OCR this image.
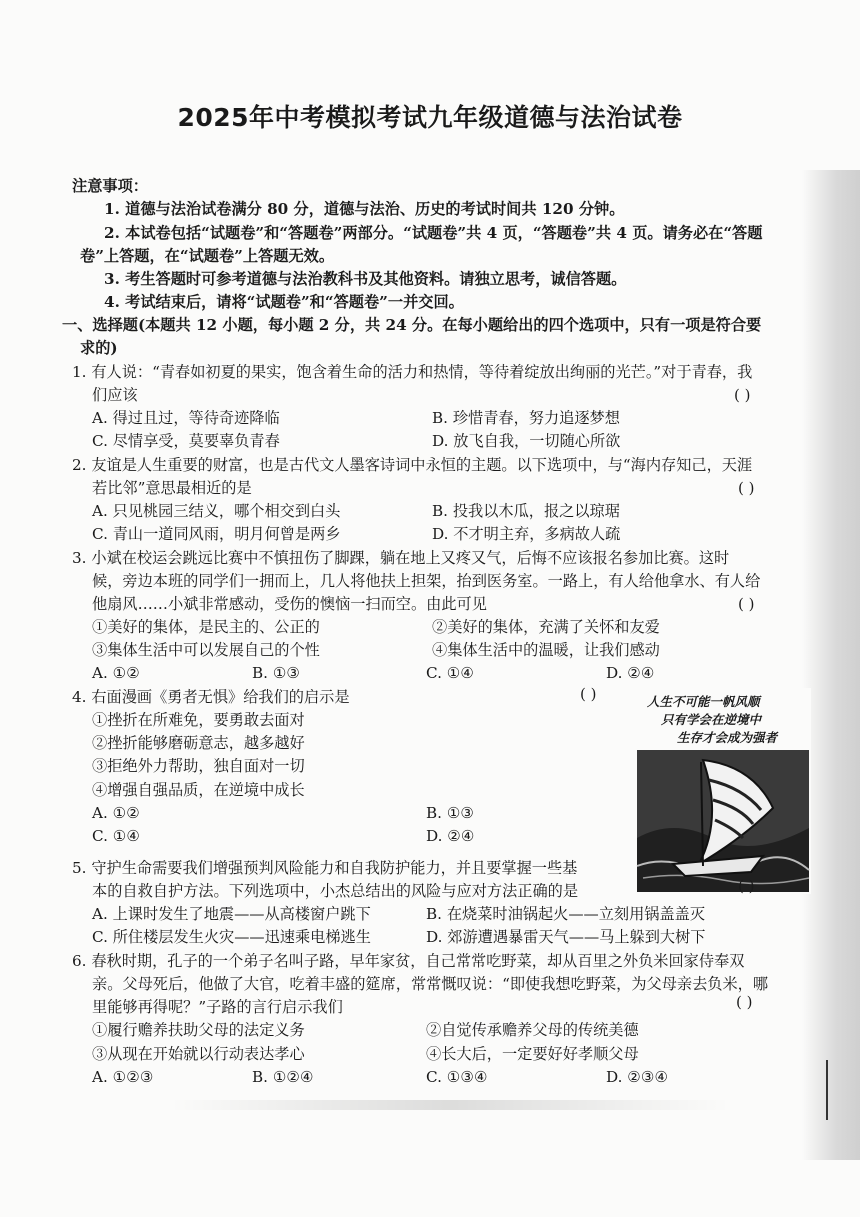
2025年中考模拟考试九年级道德与法治试卷
注意事项：
1. 道德与法治试卷满分 80 分，道德与法治、历史的考试时间共 120 分钟。
2. 本试卷包括“试题卷”和“答题卷”两部分。“试题卷”共 4 页，“答题卷”共 4 页。请务必在“答题
卷”上答题，在“试题卷”上答题无效。
3. 考生答题时可参考道德与法治教科书及其他资料。请独立思考，诚信答题。
4. 考试结束后，请将“试题卷”和“答题卷”一并交回。
一、选择题(本题共 12 小题，每小题 2 分，共 24 分。在每小题给出的四个选项中，只有一项是符合要
求的)
1. 有人说：“青春如初夏的果实，饱含着生命的活力和热情，等待着绽放出绚丽的光芒。”对于青春，我
们应该	( )
A. 得过且过，等待奇迹降临	B. 珍惜青春，努力追逐梦想
C. 尽情享受，莫要辜负青春	D. 放飞自我，一切随心所欲
2. 友谊是人生重要的财富，也是古代文人墨客诗词中永恒的主题。以下选项中，与“海内存知己，天涯
若比邻”意思最相近的是	( )
A. 只见桃园三结义，哪个相交到白头	B. 投我以木瓜，报之以琼琚
C. 青山一道同风雨，明月何曾是两乡	D. 不才明主弃，多病故人疏
3. 小斌在校运会跳远比赛中不慎扭伤了脚踝，躺在地上又疼又气，后悔不应该报名参加比赛。这时
候，旁边本班的同学们一拥而上，几人将他扶上担架，抬到医务室。一路上，有人给他拿水、有人给
他扇风……小斌非常感动，受伤的懊恼一扫而空。由此可见	( )
①美好的集体，是民主的、公正的	②美好的集体，充满了关怀和友爱
③集体生活中可以发展自己的个性	④集体生活中的温暖，让我们感动
A. ①②	B. ①③	C. ①④	D. ②④
4. 右面漫画《勇者无惧》给我们的启示是	( )
①挫折在所难免，要勇敢去面对
②挫折能够磨砺意志，越多越好
③拒绝外力帮助，独自面对一切
④增强自强品质，在逆境中成长
A. ①②	B. ①③
C. ①④	D. ②④
人生不可能一帆风顺
只有学会在逆境中
生存才会成为强者
5. 守护生命需要我们增强预判风险能力和自我防护能力，并且要掌握一些基
本的自救自护方法。下列选项中，小杰总结出的风险与应对方法正确的是	( )
A. 上课时发生了地震——从高楼窗户跳下	B. 在烧菜时油锅起火——立刻用锅盖盖灭
C. 所住楼层发生火灾——迅速乘电梯逃生	D. 郊游遭遇暴雷天气——马上躲到大树下
6. 春秋时期，孔子的一个弟子名叫子路，早年家贫，自己常常吃野菜，却从百里之外负米回家侍奉双
亲。父母死后，他做了大官，吃着丰盛的筵席，常常慨叹说：“即使我想吃野菜，为父母亲去负米，哪
里能够再得呢？”子路的言行启示我们	( )
①履行赡养扶助父母的法定义务	②自觉传承赡养父母的传统美德
③从现在开始就以行动表达孝心	④长大后，一定要好好孝顺父母
A. ①②③	B. ①②④	C. ①③④	D. ②③④
